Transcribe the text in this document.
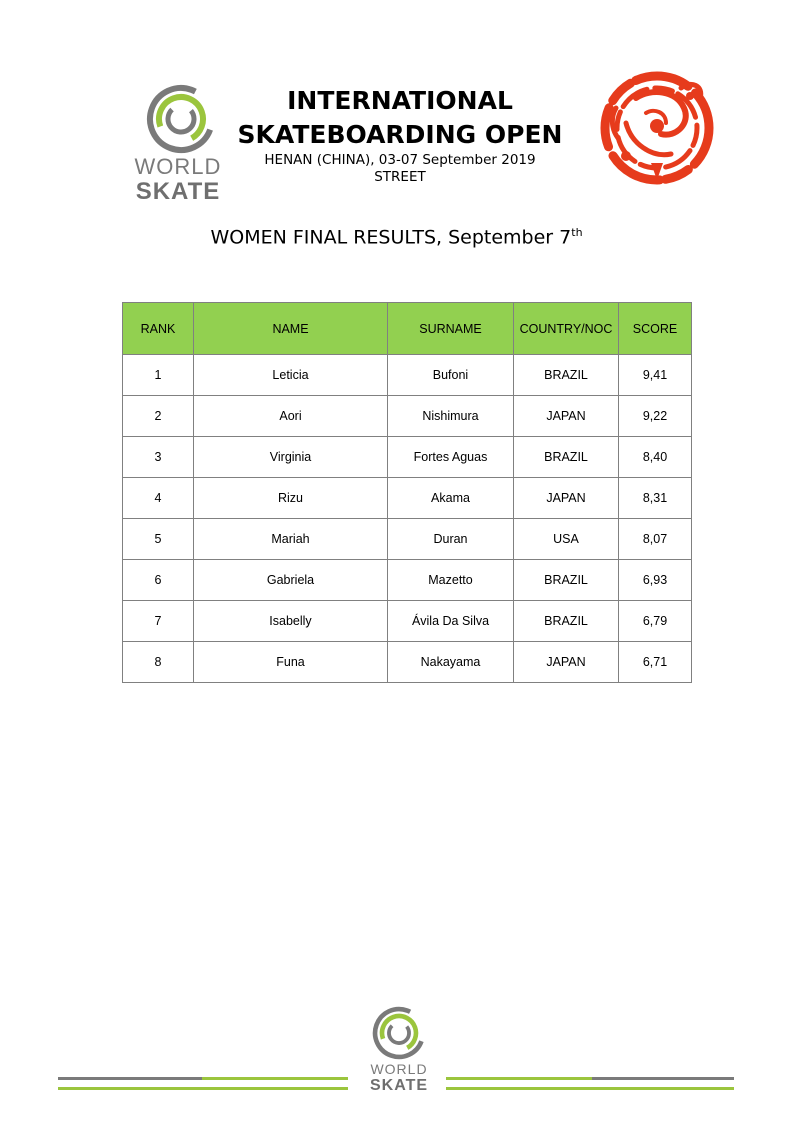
WORLD
SKATE
INTERNATIONAL
SKATEBOARDING OPEN
HENAN (CHINA), 03-07 September 2019
STREET
WOMEN FINAL RESULTS, September 7th
RANK	NAME	SURNAME	COUNTRY/NOC	SCORE
1	Leticia	Bufoni	BRAZIL	9,41
2	Aori	Nishimura	JAPAN	9,22
3	Virginia	Fortes Aguas	BRAZIL	8,40
4	Rizu	Akama	JAPAN	8,31
5	Mariah	Duran	USA	8,07
6	Gabriela	Mazetto	BRAZIL	6,93
7	Isabelly	Ávila Da Silva	BRAZIL	6,79
8	Funa	Nakayama	JAPAN	6,71
WORLD
SKATE
